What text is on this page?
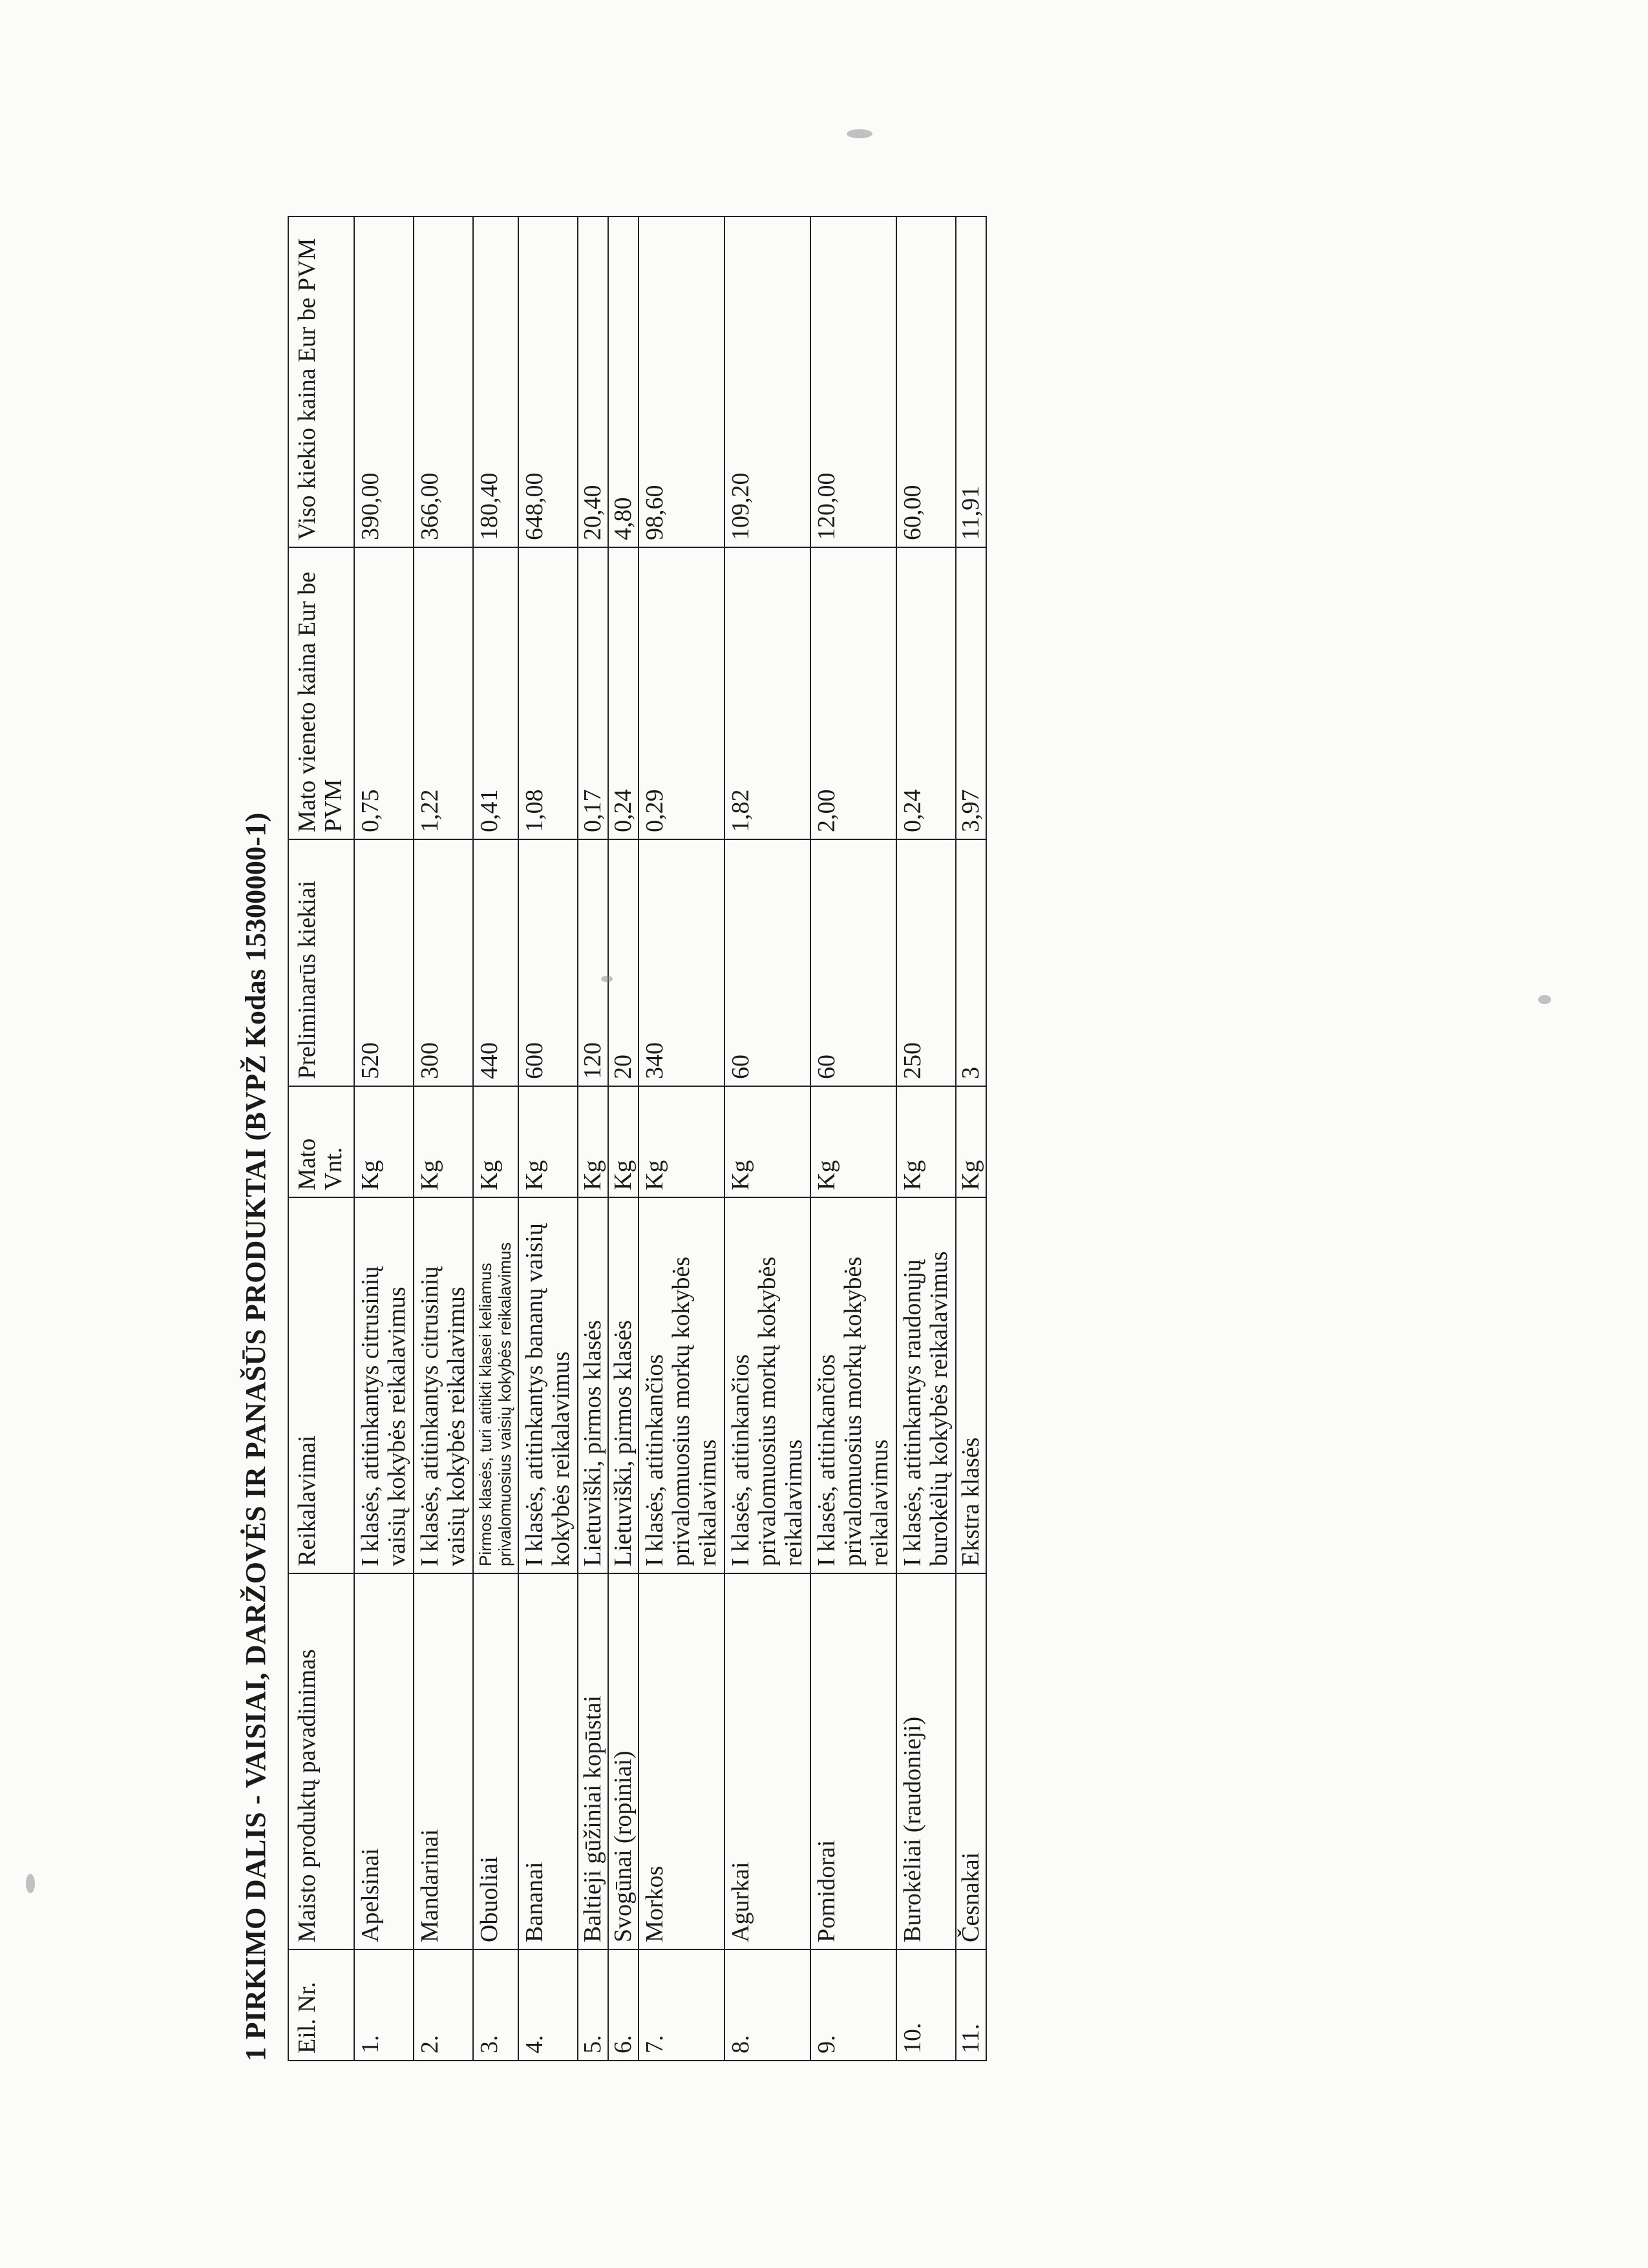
1 PIRKIMO DALIS - VAISIAI, DARŽOVĖS IR PANAŠŪS PRODUKTAI (BVPŽ Kodas 15300000-1) Eil. Nr.	Maisto produktų pavadinimas	Reikalavimai	Mato Vnt.	Preliminarūs kiekiai	Mato vieneto kaina Eur be PVM	Viso kiekio kaina Eur be PVM
1.	Apelsinai	I klasės, atitinkantys citrusinių vaisių kokybės reikalavimus	Kg	520	0,75	390,00
2.	Mandarinai	I klasės, atitinkantys citrusinių vaisių kokybės reikalavimus	Kg	300	1,22	366,00
3.	Obuoliai	Pirmos klasės, turi atitikti klasei keliamus privalomuosius vaisių kokybės reikalavimus	Kg	440	0,41	180,40
4.	Bananai	I klasės, atitinkantys bananų vaisių kokybės reikalavimus	Kg	600	1,08	648,00
5.	Baltieji gūžiniai kopūstai	Lietuviški, pirmos klasės	Kg	120	0,17	20,40
6.	Svogūnai (ropiniai)	Lietuviški, pirmos klasės	Kg	20	0,24	4,80
7.	Morkos	I klasės, atitinkančios privalomuosius morkų kokybės reikalavimus	Kg	340	0,29	98,60
8.	Agurkai	I klasės, atitinkančios privalomuosius morkų kokybės reikalavimus	Kg	60	1,82	109,20
9.	Pomidorai	I klasės, atitinkančios privalomuosius morkų kokybės reikalavimus	Kg	60	2,00	120,00
10.	Burokėliai (raudonieji)	I klasės, atitinkantys raudonųjų burokėlių kokybės reikalavimus	Kg	250	0,24	60,00
11.	Česnakai	Ekstra klasės	Kg	3	3,97	11,91
